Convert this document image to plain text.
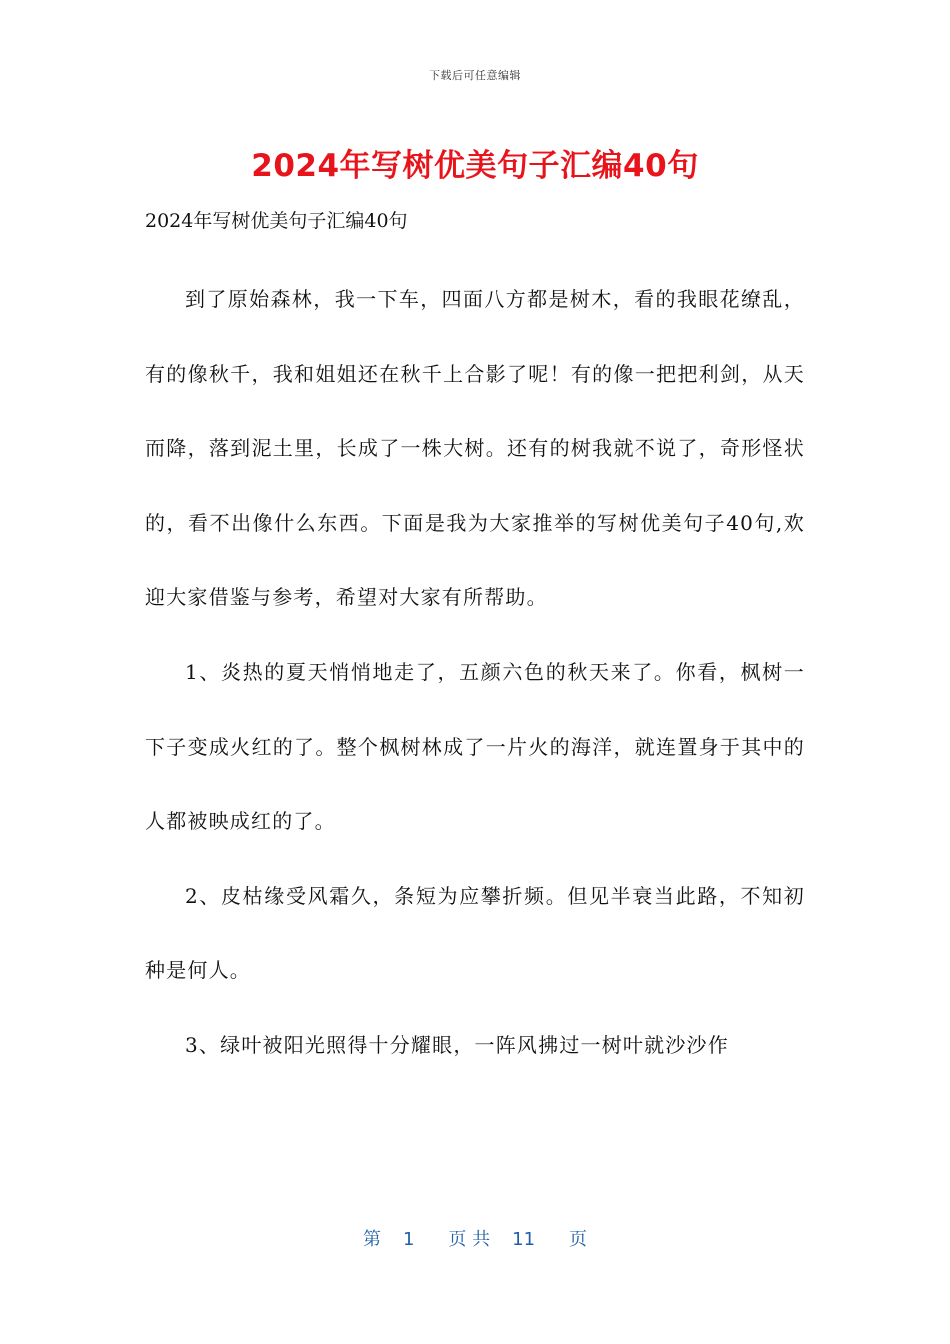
下载后可任意编辑
2024年写树优美句子汇编40句

2024年写树优美句子汇编40句

到了原始森林，我一下车，四面八方都是树木，看的我眼花缭乱，有的像秋千，我和姐姐还在秋千上合影了呢！有的像一把把利剑，从天而降，落到泥土里，长成了一株大树。还有的树我就不说了，奇形怪状的，看不出像什么东西。下面是我为大家推举的写树优美句子40句,欢迎大家借鉴与参考，希望对大家有所帮助。

1、炎热的夏天悄悄地走了，五颜六色的秋天来了。你看，枫树一下子变成火红的了。整个枫树林成了一片火的海洋，就连置身于其中的人都被映成红的了。

2、皮枯缘受风霜久，条短为应攀折频。但见半衰当此路，不知初种是何人。

3、绿叶被阳光照得十分耀眼，一阵风拂过一树叶就沙沙作

第 1 页 共 11 页
